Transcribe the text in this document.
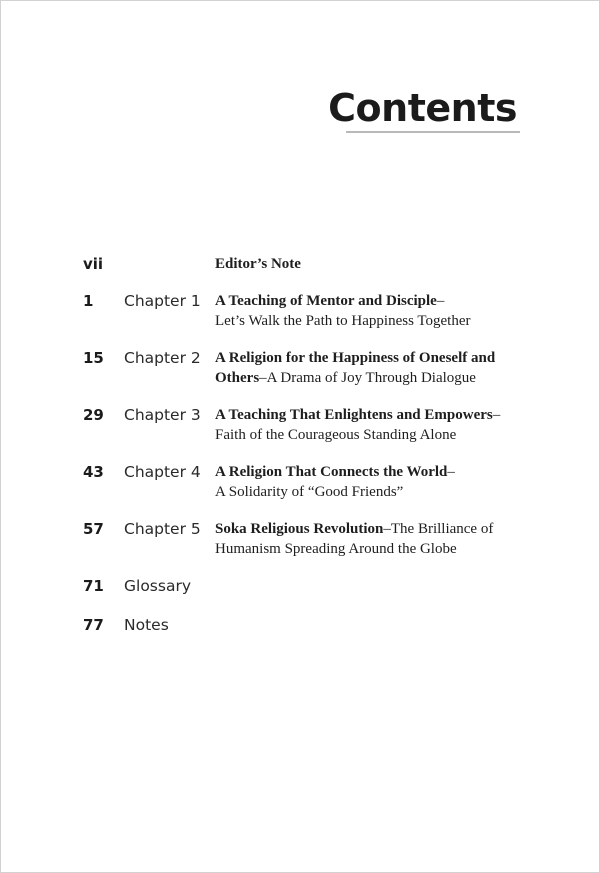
Contents
vii	Editor’s Note
1 Chapter 1 A Teaching of Mentor and Disciple–
Let’s Walk the Path to Happiness Together
15 Chapter 2 A Religion for the Happiness of Oneself and
Others–A Drama of Joy Through Dialogue
29 Chapter 3 A Teaching That Enlightens and Empowers–
Faith of the Courageous Standing Alone
43 Chapter 4 A Religion That Connects the World–
A Solidarity of “Good Friends”
57 Chapter 5 Soka Religious Revolution–The Brilliance of
Humanism Spreading Around the Globe
71 Glossary
77 Notes
